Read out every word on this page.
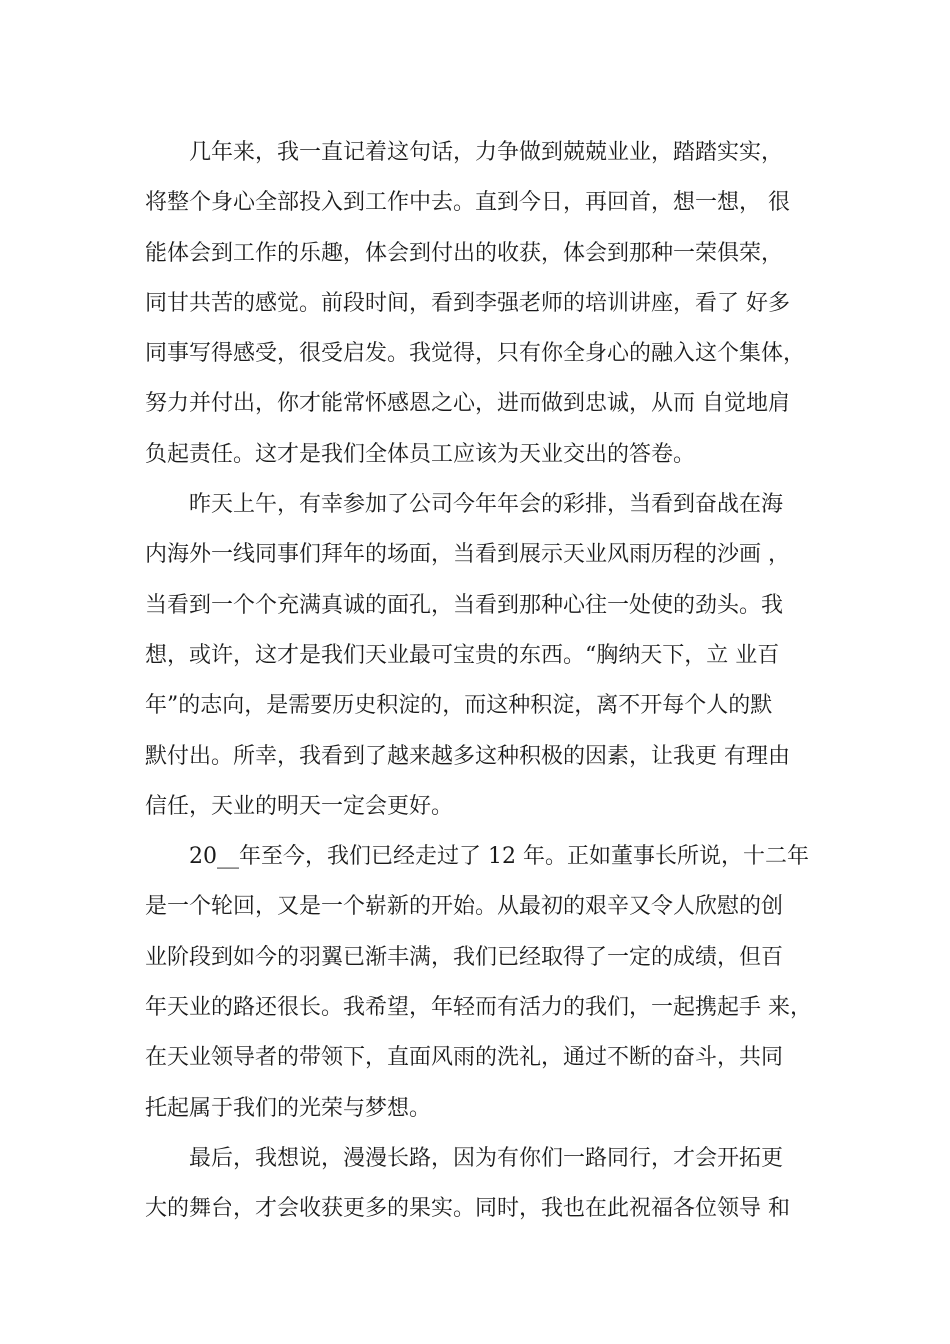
几年来，我一直记着这句话，力争做到兢兢业业，踏踏实实，
将整个身心全部投入到工作中去。直到今日，再回首，想一想， 很
能体会到工作的乐趣，体会到付出的收获，体会到那种一荣俱荣，
同甘共苦的感觉。前段时间，看到李强老师的培训讲座，看了 好多
同事写得感受，很受启发。我觉得，只有你全身心的融入这个集体，
努力并付出，你才能常怀感恩之心，进而做到忠诚，从而 自觉地肩
负起责任。这才是我们全体员工应该为天业交出的答卷。

昨天上午，有幸参加了公司今年年会的彩排，当看到奋战在海
内海外一线同事们拜年的场面，当看到展示天业风雨历程的沙画 ，
当看到一个个充满真诚的面孔，当看到那种心往一处使的劲头。我
想，或许，这才是我们天业最可宝贵的东西。“胸纳天下，立 业百
年”的志向，是需要历史积淀的，而这种积淀，离不开每个人的默
默付出。所幸，我看到了越来越多这种积极的因素，让我更 有理由
信任，天业的明天一定会更好。

20__年至今，我们已经走过了 12 年。正如董事长所说，十二年
是一个轮回，又是一个崭新的开始。从最初的艰辛又令人欣慰的创
业阶段到如今的羽翼已渐丰满，我们已经取得了一定的成绩，但百
年天业的路还很长。我希望，年轻而有活力的我们，一起携起手 来，
在天业领导者的带领下，直面风雨的洗礼，通过不断的奋斗，共同
托起属于我们的光荣与梦想。

最后，我想说，漫漫长路，因为有你们一路同行，才会开拓更
大的舞台，才会收获更多的果实。同时，我也在此祝福各位领导 和
